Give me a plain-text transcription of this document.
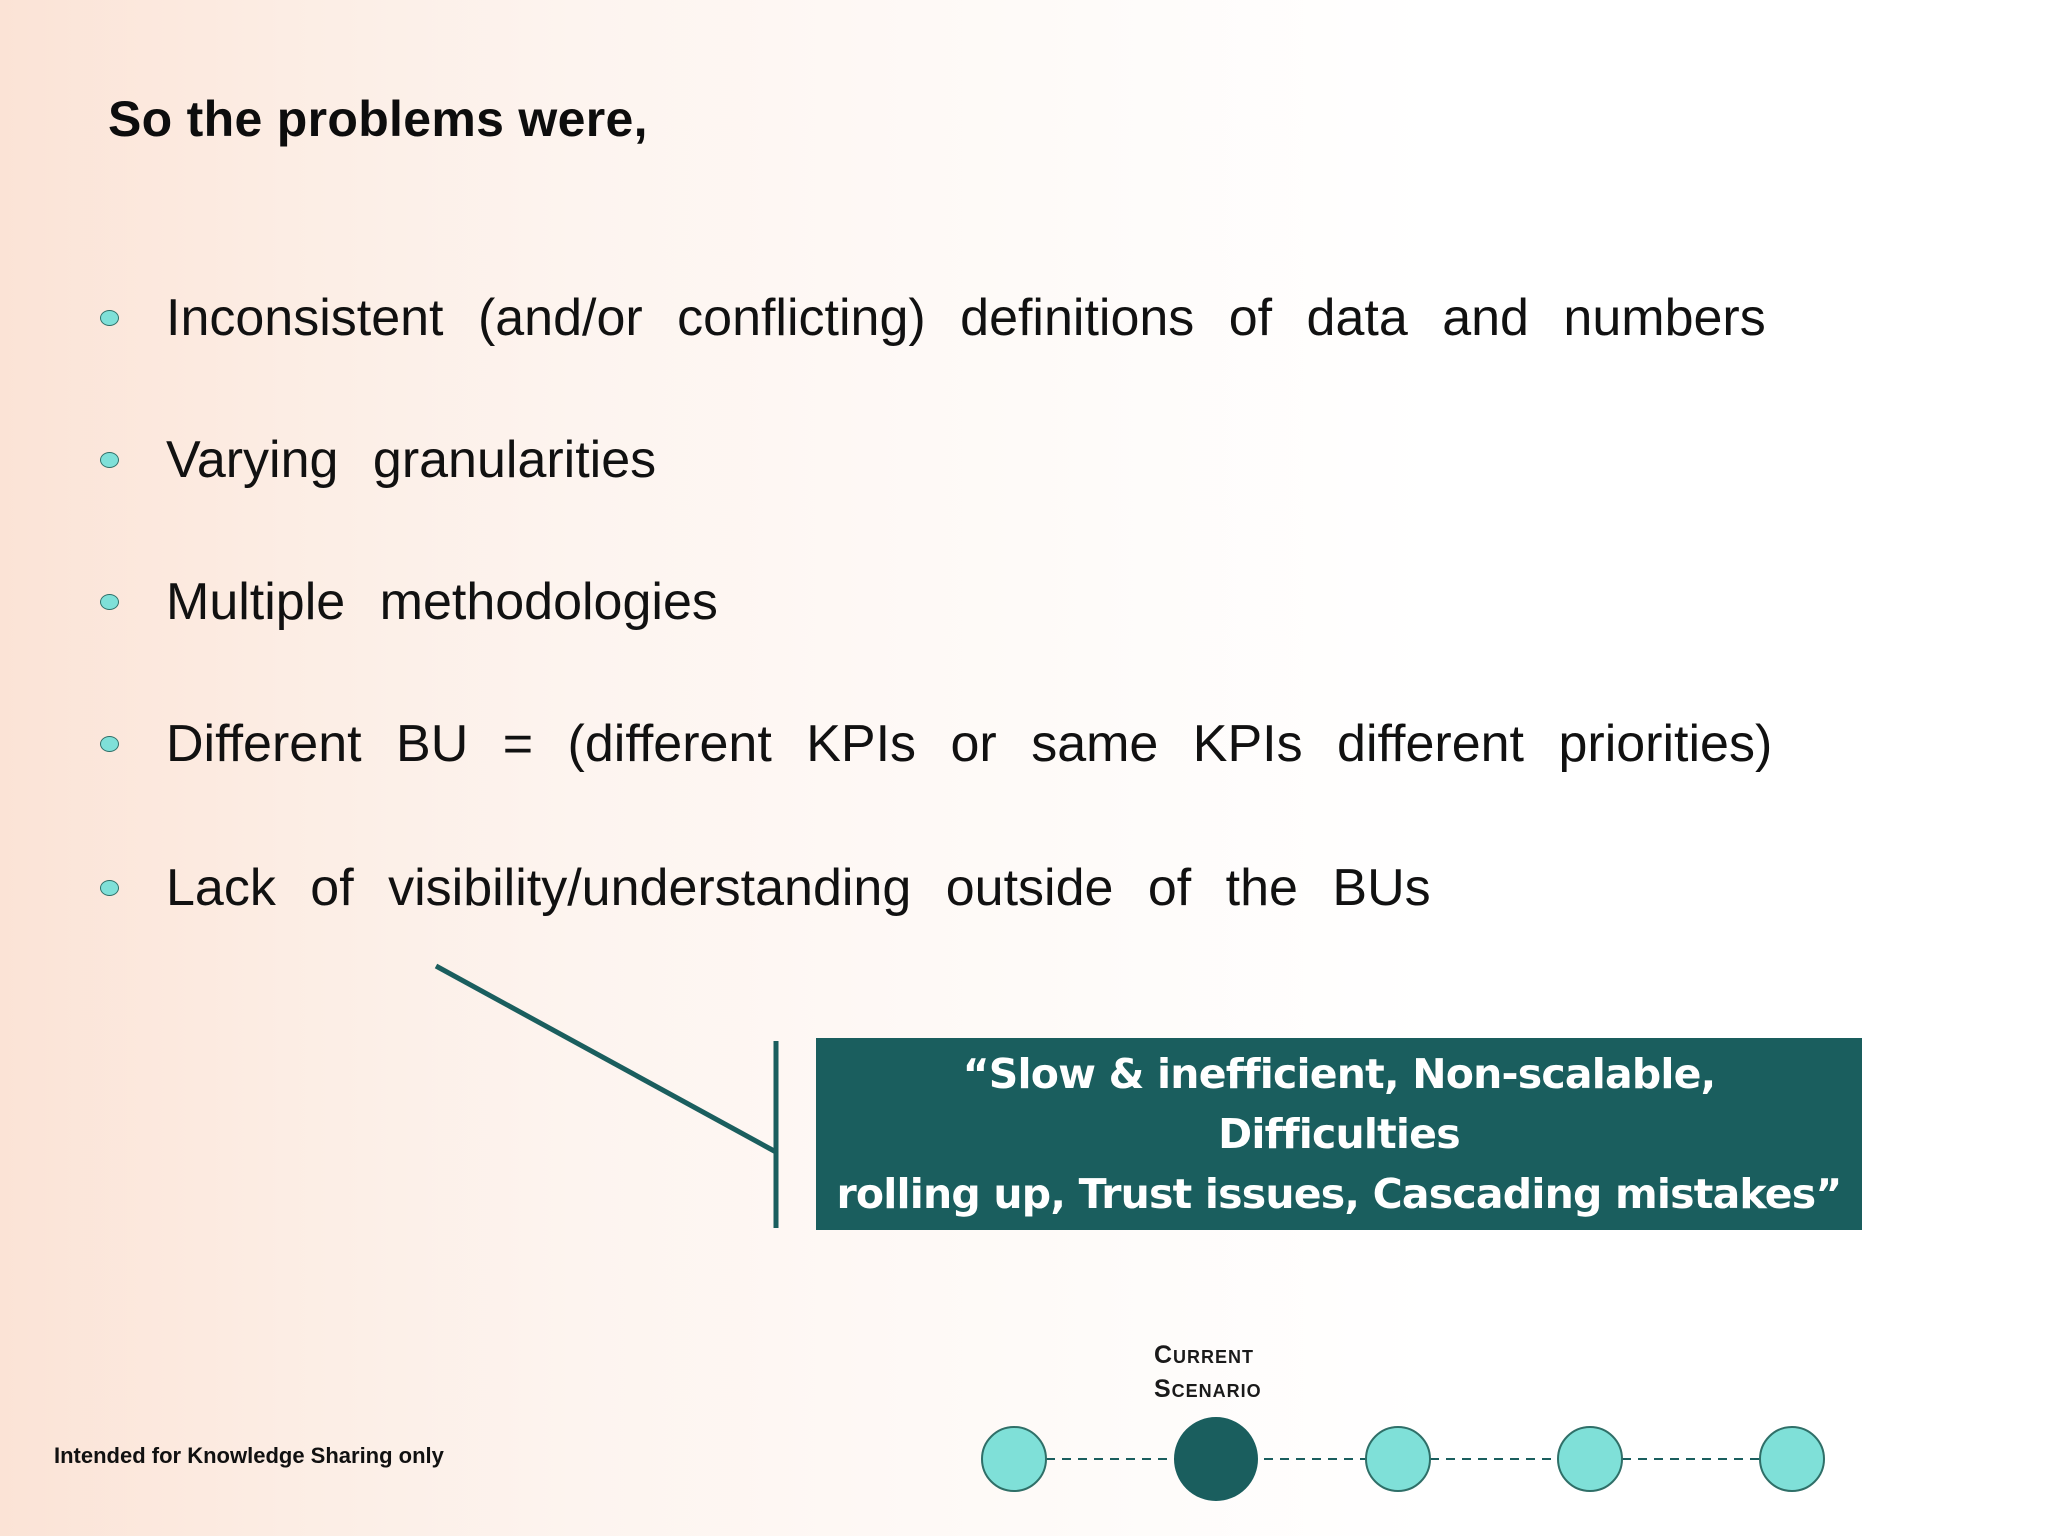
So the problems were,
Inconsistent (and/or conflicting) definitions of data and numbers
Varying granularities
Multiple methodologies
Different BU = (different KPIs or same KPIs different priorities)
Lack of visibility/understanding outside of the BUs
“Slow & inefficient, Non-scalable, Difficulties
rolling up, Trust issues, Cascading mistakes”
Current
Scenario
Intended for Knowledge Sharing only
